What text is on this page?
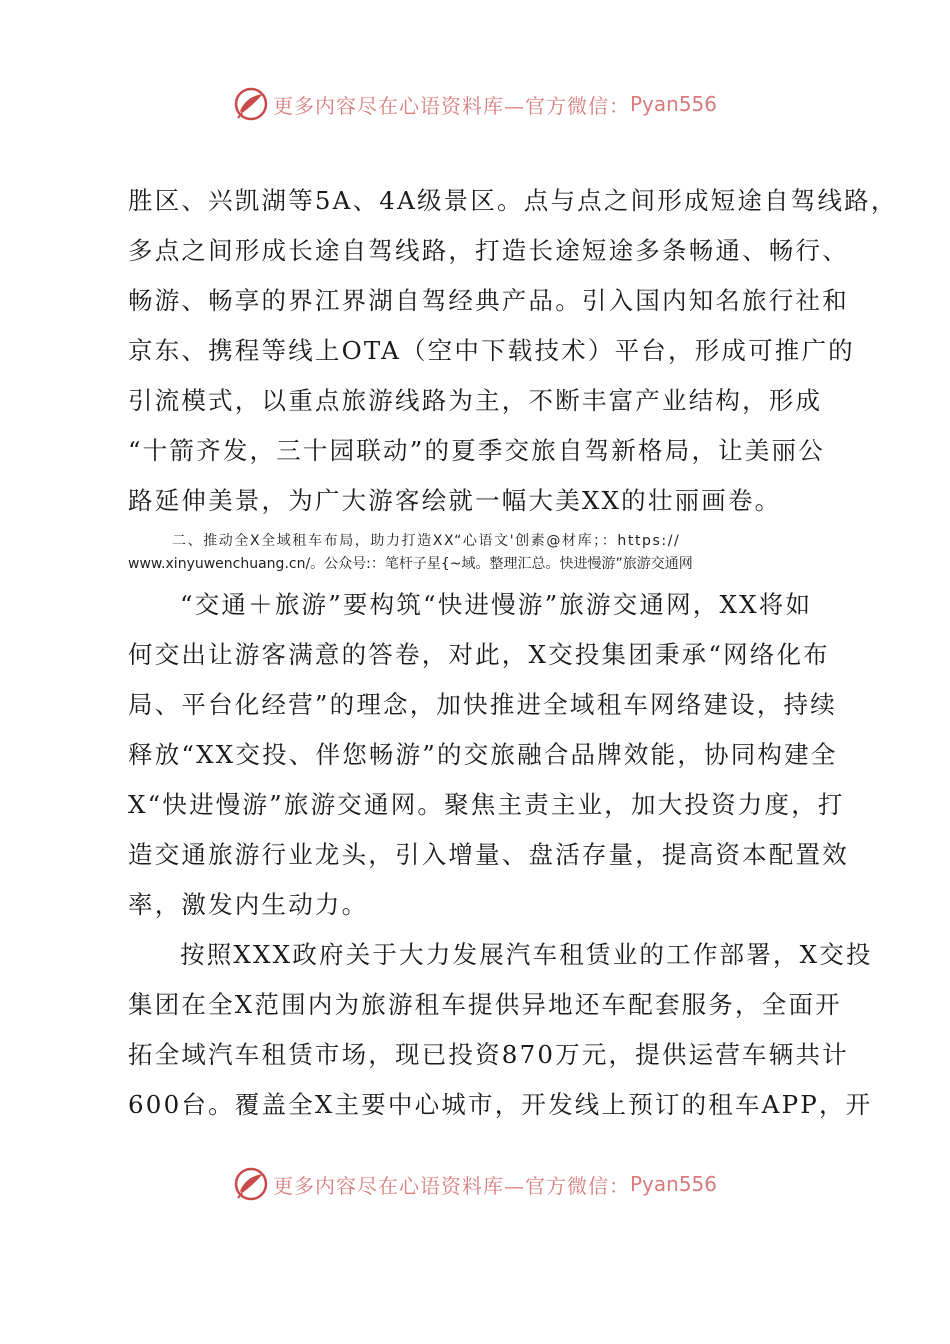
更多内容尽在心语资料库—官方微信： Pyan556
胜区、兴凯湖等5A、4A级景区。点与点之间形成短途自驾线路，
多点之间形成长途自驾线路，打造长途短途多条畅通、畅行、
畅游、畅享的界江界湖自驾经典产品。引入国内知名旅行社和
京东、携程等线上OTA（空中下载技术）平台，形成可推广的
引流模式，以重点旅游线路为主，不断丰富产业结构，形成
“十箭齐发，三十园联动”的夏季交旅自驾新格局，让美丽公
路延伸美景，为广大游客绘就一幅大美XX的壮丽画卷。
二、推动全X全域租车布局，助力打造XX“心语文'创素@材库；：https://
www.xinyuwenchuang.cn/。公众号:：笔杆子星{~域。整理汇总。快进慢游”旅游交通网
“交通＋旅游”要构筑“快进慢游”旅游交通网，XX将如
何交出让游客满意的答卷，对此，X交投集团秉承“网络化布
局、平台化经营”的理念，加快推进全域租车网络建设，持续
释放“XX交投、伴您畅游”的交旅融合品牌效能，协同构建全
X“快进慢游”旅游交通网。聚焦主责主业，加大投资力度，打
造交通旅游行业龙头，引入增量、盘活存量，提高资本配置效
率，激发内生动力。
按照XXX政府关于大力发展汽车租赁业的工作部署，X交投
集团在全X范围内为旅游租车提供异地还车配套服务，全面开
拓全域汽车租赁市场，现已投资870万元，提供运营车辆共计
600台。覆盖全X主要中心城市，开发线上预订的租车APP，开
更多内容尽在心语资料库—官方微信： Pyan556
